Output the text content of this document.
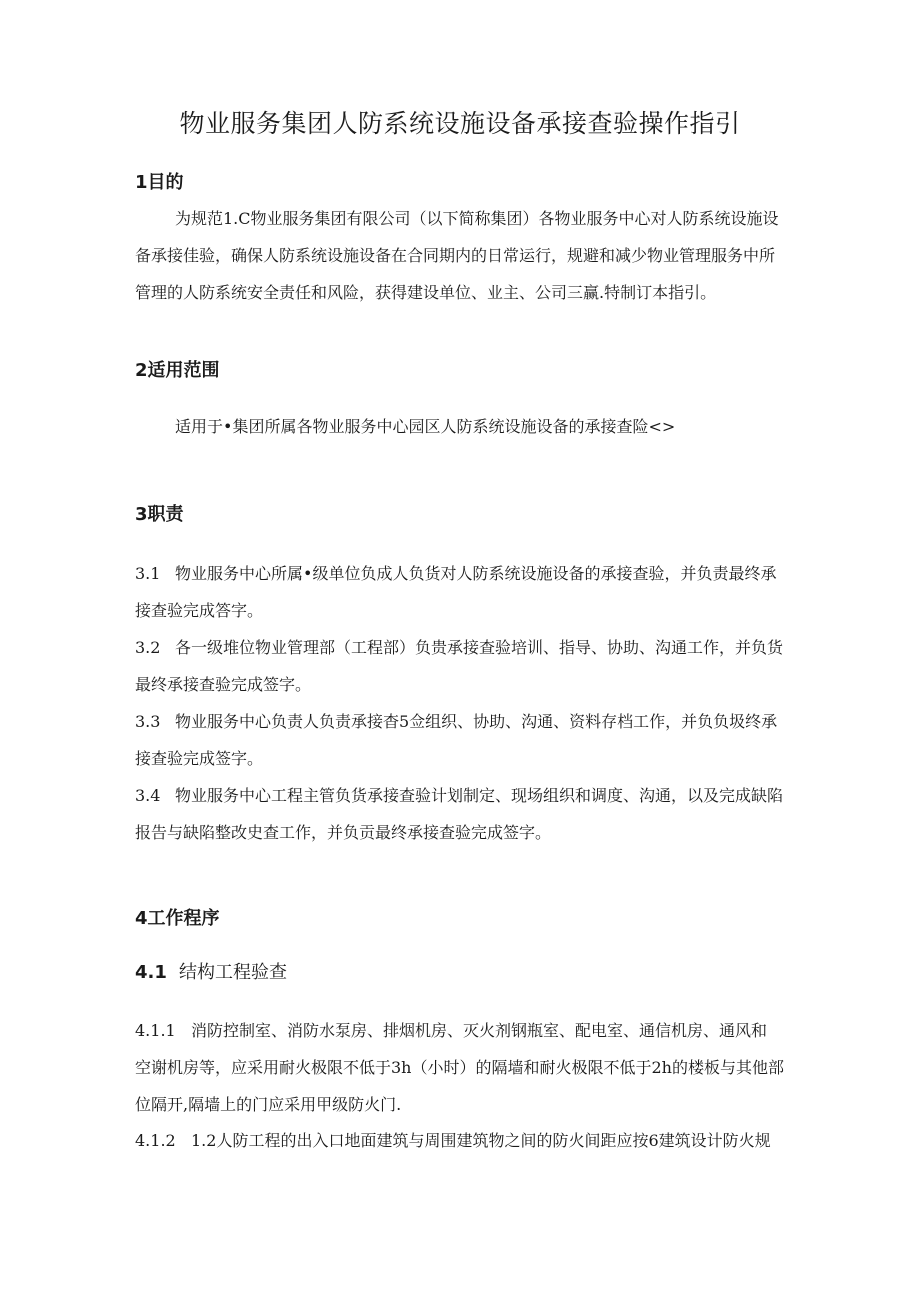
物业服务集团人防系统设施设备承接查验操作指引
1目的
为规范1.C物业服务集团有限公司（以下简称集团）各物业服务中心对人防系统设施设
备承接佳验，确保人防系统设施设备在合同期内的日常运行，规避和减少物业管理服务中所
管理的人防系统安全责任和风险，获得建设单位、业主、公司三赢.特制订本指引。
2适用范围
适用于•集团所属各物业服务中心园区人防系统设施设备的承接查险<>
3职责
3.1 物业服务中心所属•级单位负成人负货对人防系统设施设备的承接查验，并负责最终承
接查验完成答字。
3.2 各一级堆位物业管理部（工程部）负贵承接查验培训、指导、协助、沟通工作，并负货
最终承接查验完成签字。
3.3 物业服务中心负责人负责承接杳5佥组织、协助、沟通、资料存档工作，并负负圾终承
接查验完成签字。
3.4 物业服务中心工程主管负货承接查验计划制定、现场组织和调度、沟通，以及完成缺陷
报告与缺陷整改史查工作，并负贡最终承接查验完成签字。
4工作程序
4.1 结构工程验查
4.1.1 消防控制室、消防水泵房、排烟机房、灭火剂钢瓶室、配电室、通信机房、通风和
空谢机房等，应采用耐火极限不低于3h（小时）的隔墙和耐火极限不低于2h的楼板与其他部
位隔开,隔墙上的门应采用甲级防火门.
4.1.2 1.2人防工程的出入口地面建筑与周围建筑物之间的防火间距应按6建筑设计防火规
